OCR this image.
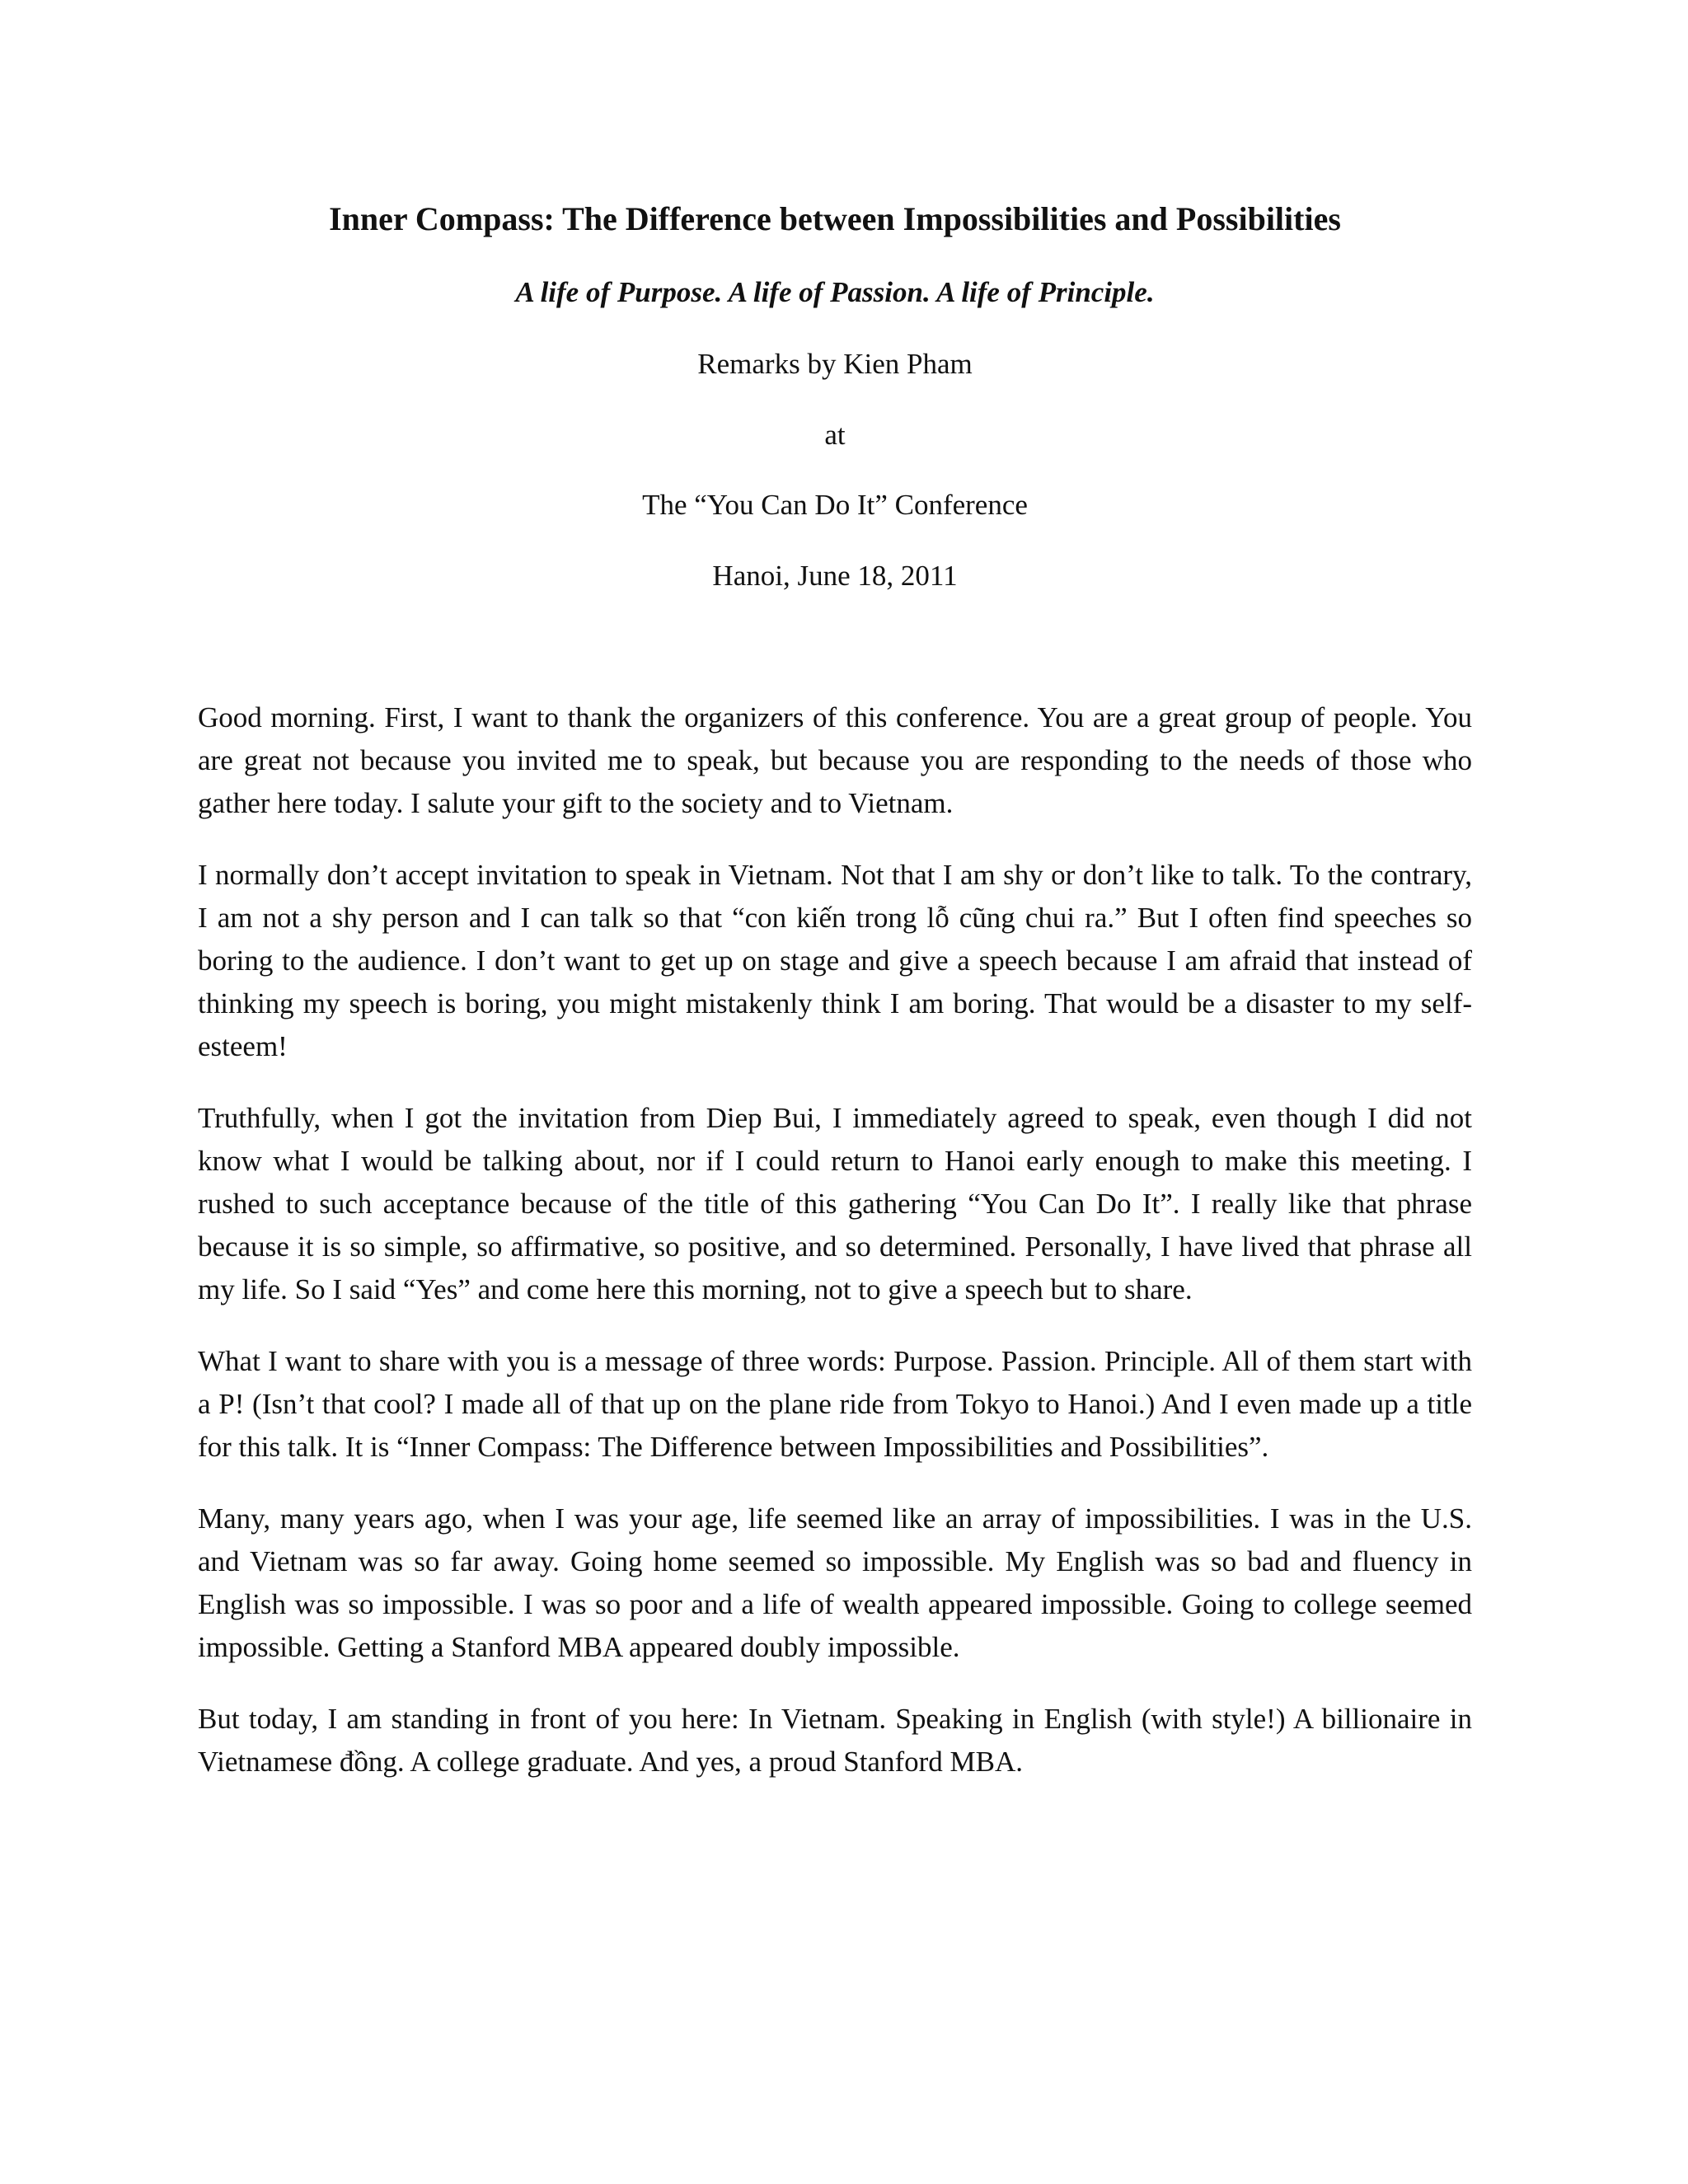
Inner Compass: The Difference between Impossibilities and Possibilities
A life of Purpose. A life of Passion. A life of Principle.
Remarks by Kien Pham
at
The “You Can Do It” Conference
Hanoi, June 18, 2011

Good morning. First, I want to thank the organizers of this conference. You are a great group of people. You are great not because you invited me to speak, but because you are responding to the needs of those who gather here today. I salute your gift to the society and to Vietnam.

I normally don’t accept invitation to speak in Vietnam. Not that I am shy or don’t like to talk. To the contrary, I am not a shy person and I can talk so that “con kiến trong lỗ cũng chui ra.” But I often find speeches so boring to the audience. I don’t want to get up on stage and give a speech because I am afraid that instead of thinking my speech is boring, you might mistakenly think I am boring. That would be a disaster to my self-esteem!

Truthfully, when I got the invitation from Diep Bui, I immediately agreed to speak, even though I did not know what I would be talking about, nor if I could return to Hanoi early enough to make this meeting. I rushed to such acceptance because of the title of this gathering “You Can Do It”. I really like that phrase because it is so simple, so affirmative, so positive, and so determined. Personally, I have lived that phrase all my life. So I said “Yes” and come here this morning, not to give a speech but to share.

What I want to share with you is a message of three words: Purpose. Passion. Principle. All of them start with a P! (Isn’t that cool? I made all of that up on the plane ride from Tokyo to Hanoi.) And I even made up a title for this talk. It is “Inner Compass: The Difference between Impossibilities and Possibilities”.

Many, many years ago, when I was your age, life seemed like an array of impossibilities. I was in the U.S. and Vietnam was so far away. Going home seemed so impossible. My English was so bad and fluency in English was so impossible. I was so poor and a life of wealth appeared impossible. Going to college seemed impossible. Getting a Stanford MBA appeared doubly impossible.

But today, I am standing in front of you here: In Vietnam. Speaking in English (with style!) A billionaire in Vietnamese đồng. A college graduate. And yes, a proud Stanford MBA.
